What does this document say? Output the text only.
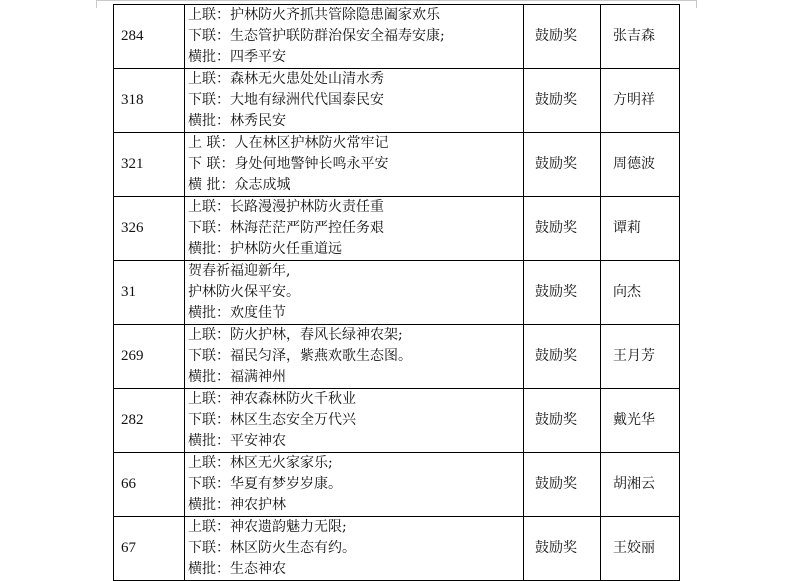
284	上联：护林防火齐抓共管除隐患阖家欢乐
下联：生态管护联防群治保安全福寿安康;
横批：四季平安	鼓励奖	张吉森
318	上联：森林无火患处处山清水秀
下联：大地有绿洲代代国泰民安
横批：林秀民安	鼓励奖	方明祥
321	上 联：人在林区护林防火常牢记
下 联：身处何地警钟长鸣永平安
横 批：众志成城	鼓励奖	周德波
326	上联：长路漫漫护林防火责任重
下联：林海茫茫严防严控任务艰
横批：护林防火任重道远	鼓励奖	谭莉
31	贺春祈福迎新年,
护林防火保平安。
横批：欢度佳节	鼓励奖	向杰
269	上联：防火护林，春风长绿神农架;
下联：福民匀泽，紫燕欢歌生态图。
横批：福满神州	鼓励奖	王月芳
282	上联：神农森林防火千秋业
下联：林区生态安全万代兴
横批：平安神农	鼓励奖	戴光华
66	上联：林区无火家家乐;
下联：华夏有梦岁岁康。
横批：神农护林	鼓励奖	胡湘云
67	上联：神农遗韵魅力无限;
下联：林区防火生态有约。
横批：生态神农	鼓励奖	王姣丽
